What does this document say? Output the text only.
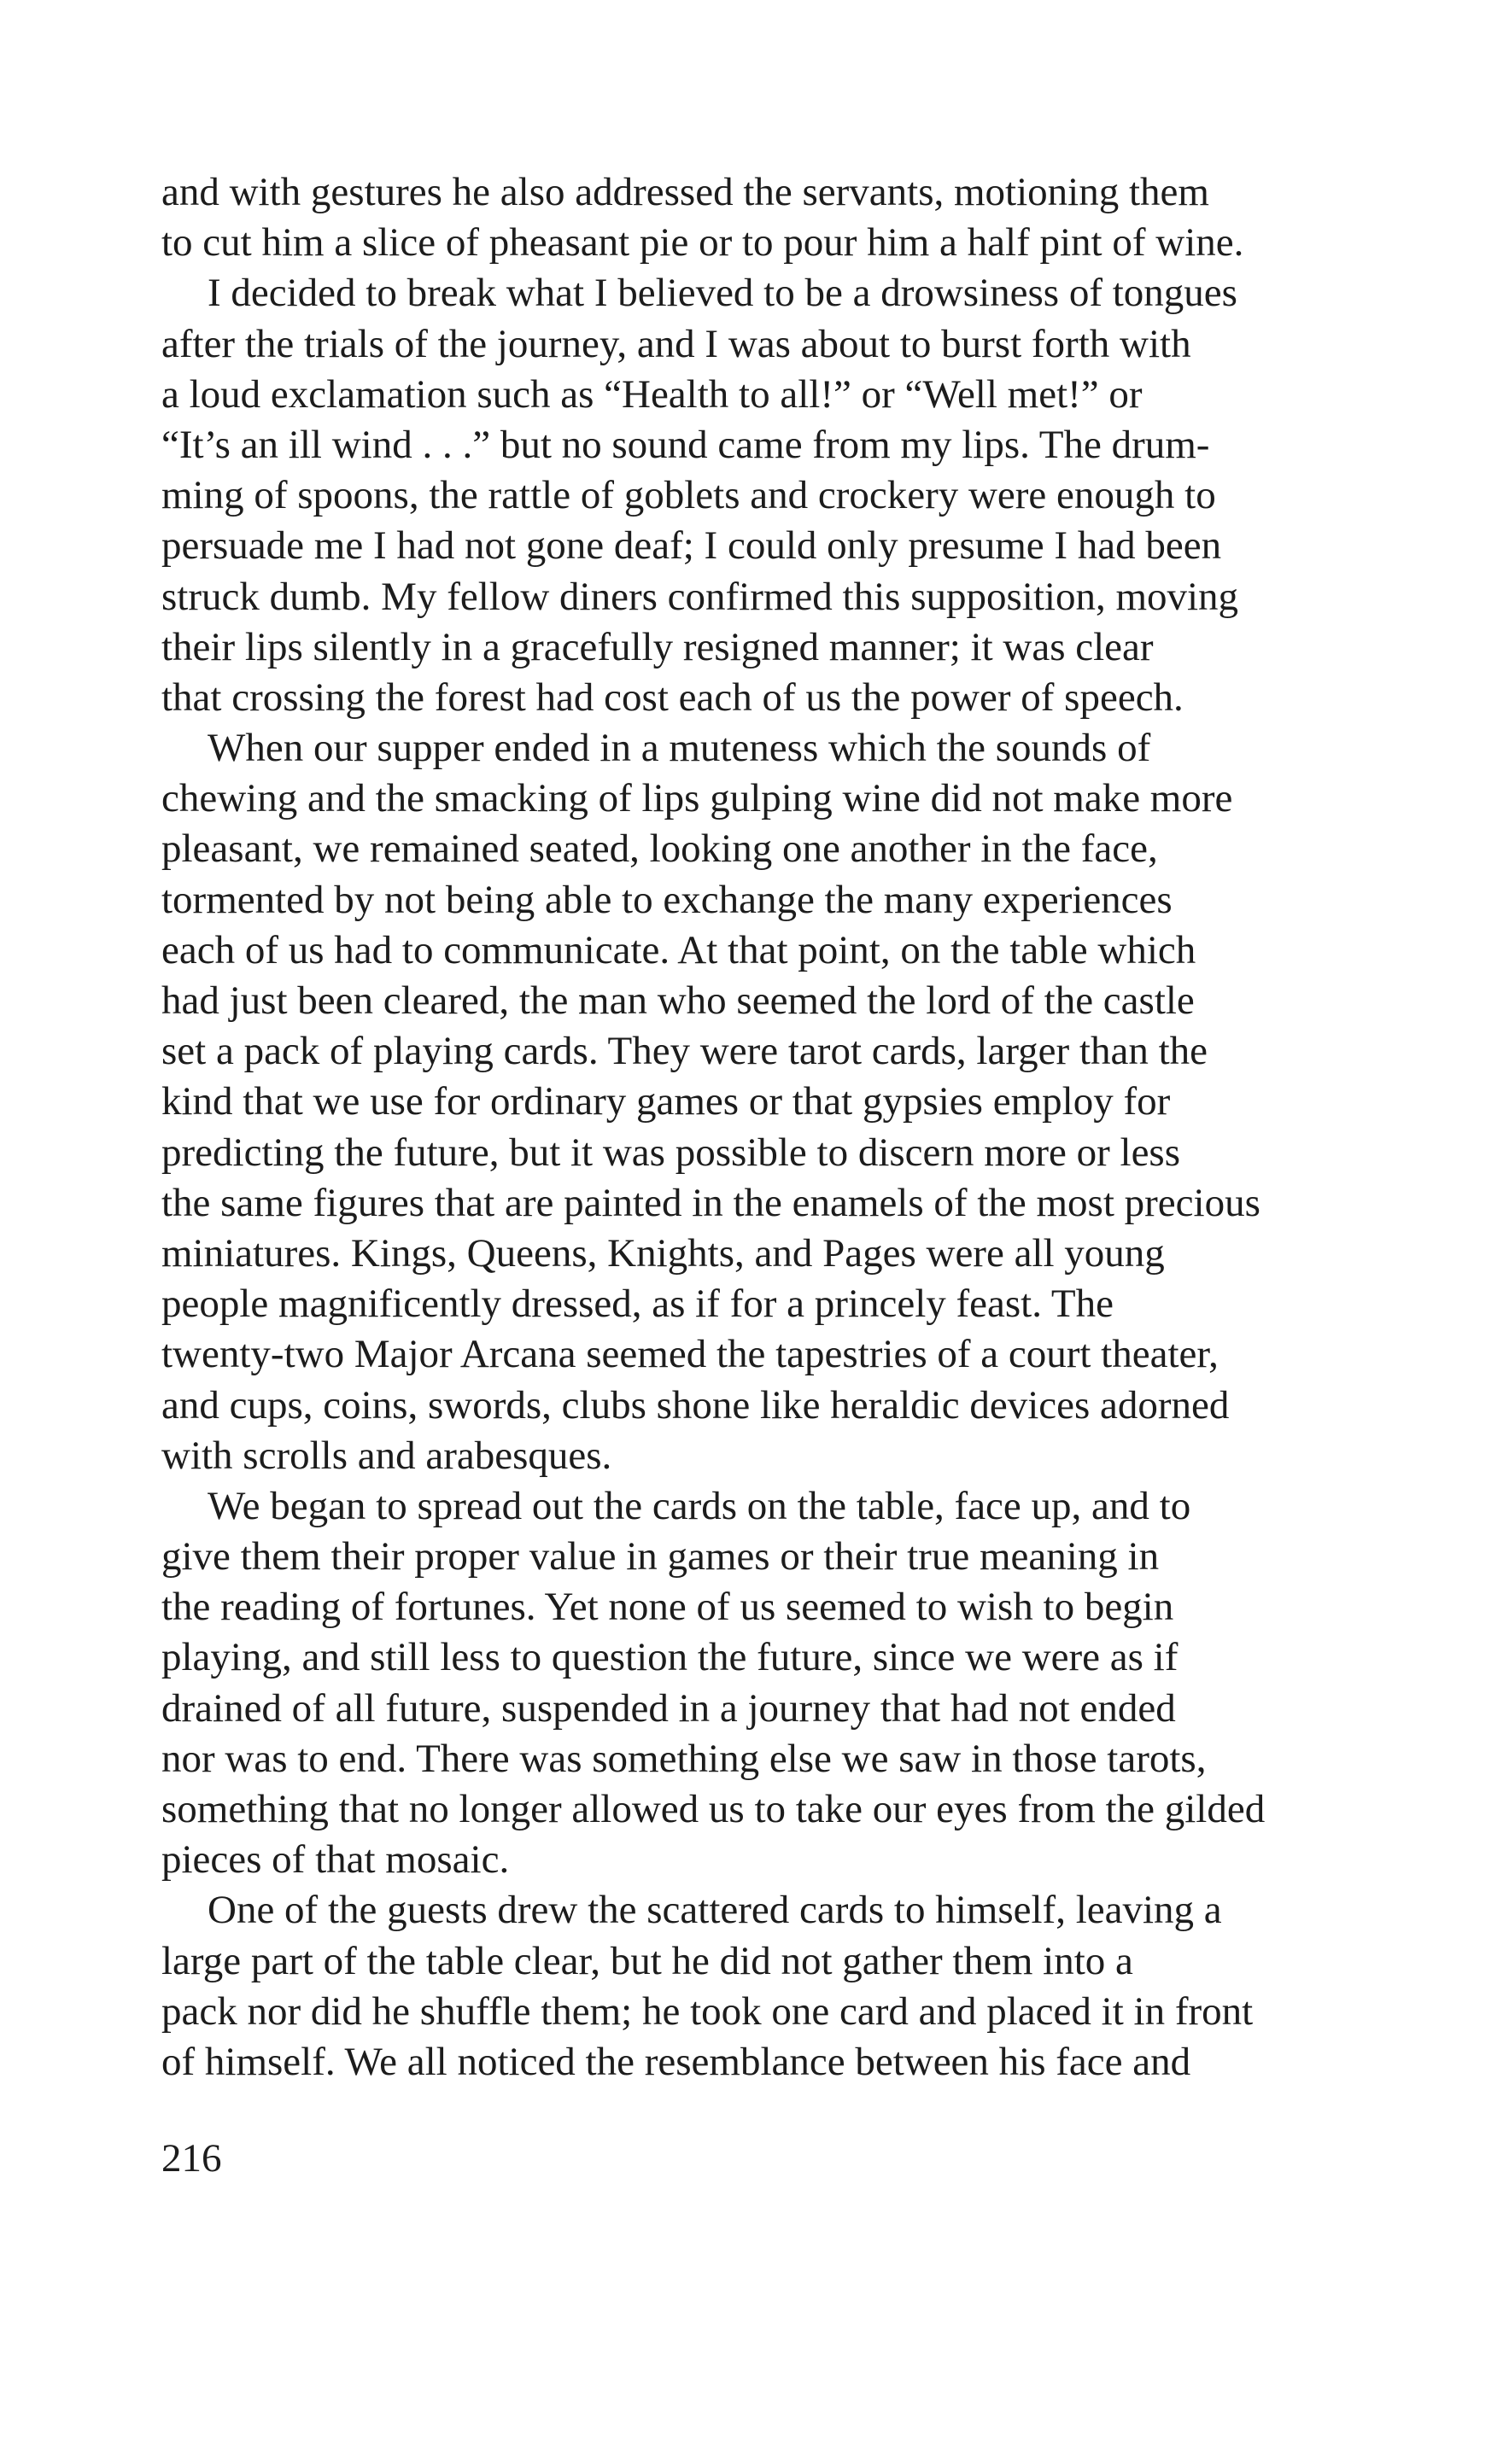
and with gestures he also addressed the servants, motioning them
to cut him a slice of pheasant pie or to pour him a half pint of wine.
I decided to break what I believed to be a drowsiness of tongues
after the trials of the journey, and I was about to burst forth with
a loud exclamation such as “Health to all!” or “Well met!” or
“It’s an ill wind . . .” but no sound came from my lips. The drum-
ming of spoons, the rattle of goblets and crockery were enough to
persuade me I had not gone deaf; I could only presume I had been
struck dumb. My fellow diners confirmed this supposition, moving
their lips silently in a gracefully resigned manner; it was clear
that crossing the forest had cost each of us the power of speech.
When our supper ended in a muteness which the sounds of
chewing and the smacking of lips gulping wine did not make more
pleasant, we remained seated, looking one another in the face,
tormented by not being able to exchange the many experiences
each of us had to communicate. At that point, on the table which
had just been cleared, the man who seemed the lord of the castle
set a pack of playing cards. They were tarot cards, larger than the
kind that we use for ordinary games or that gypsies employ for
predicting the future, but it was possible to discern more or less
the same figures that are painted in the enamels of the most precious
miniatures. Kings, Queens, Knights, and Pages were all young
people magnificently dressed, as if for a princely feast. The
twenty-two Major Arcana seemed the tapestries of a court theater,
and cups, coins, swords, clubs shone like heraldic devices adorned
with scrolls and arabesques.
We began to spread out the cards on the table, face up, and to
give them their proper value in games or their true meaning in
the reading of fortunes. Yet none of us seemed to wish to begin
playing, and still less to question the future, since we were as if
drained of all future, suspended in a journey that had not ended
nor was to end. There was something else we saw in those tarots,
something that no longer allowed us to take our eyes from the gilded
pieces of that mosaic.
One of the guests drew the scattered cards to himself, leaving a
large part of the table clear, but he did not gather them into a
pack nor did he shuffle them; he took one card and placed it in front
of himself. We all noticed the resemblance between his face and
216
